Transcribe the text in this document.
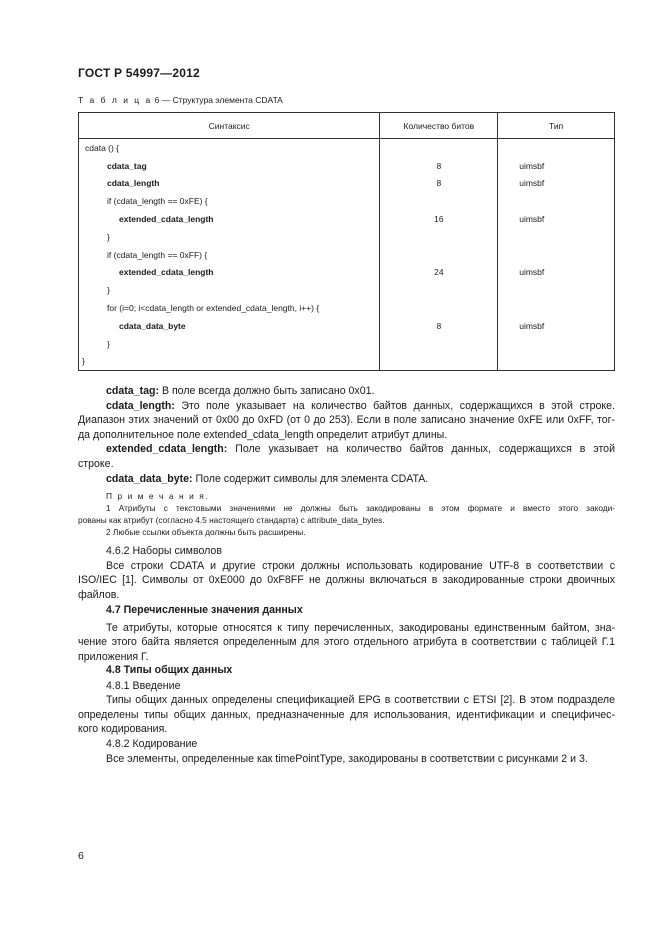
ГОСТ Р 54997—2012
Т а б л и ц а 6 — Структура элемента CDATA
Синтаксис	Количество битов	Тип
cdata () {		
cdata_tag	8	uimsbf
cdata_length	8	uimsbf
if (cdata_length == 0xFE) {		
extended_cdata_length	16	uimsbf
}		
if (cdata_length == 0xFF) {		
extended_cdata_length	24	uimsbf
}		
for (i=0; i<cdata_length or extended_cdata_length, i++) {		
cdata_data_byte	8	uimsbf
}		
}		
cdata_tag: В поле всегда должно быть записано 0x01.
cdata_length: Это поле указывает на количество байтов данных, содержащихся в этой строке.
Диапазон этих значений от 0x00 до 0xFD (от 0 до 253). Если в поле записано значение 0xFE или 0xFF, тог-
да дополнительное поле extended_cdata_length определит атрибут длины.
extended_cdata_length: Поле указывает на количество байтов данных, содержащихся в этой
строке.
cdata_data_byte: Поле содержит символы для элемента CDATA.
П р и м е ч а н и я.
1 Атрибуты с текстовыми значениями не должны быть закодированы в этом формате и вместо этого закоди-
рованы как атрибут (согласно 4.5 настоящего стандарта) с attribute_data_bytes.
2 Любые ссылки объекта должны быть расширены.
4.6.2 Наборы символов
Все строки CDATA и другие строки должны использовать кодирование UTF-8 в соответствии с
ISO/IEC [1]. Символы от 0xE000 до 0xF8FF не должны включаться в закодированные строки двоичных
файлов.
4.7 Перечисленные значения данных
Те атрибуты, которые относятся к типу перечисленных, закодированы единственным байтом, зна-
чение этого байта является определенным для этого отдельного атрибута в соответствии с таблицей Г.1
приложения Г.
4.8 Типы общих данных
4.8.1 Введение
Типы общих данных определены спецификацией EPG в соответствии с ETSI [2]. В этом подразделе
определены типы общих данных, предназначенные для использования, идентификации и специфичес-
кого кодирования.
4.8.2 Кодирование
Все элементы, определенные как timePointType, закодированы в соответствии с рисунками 2 и 3.
6
